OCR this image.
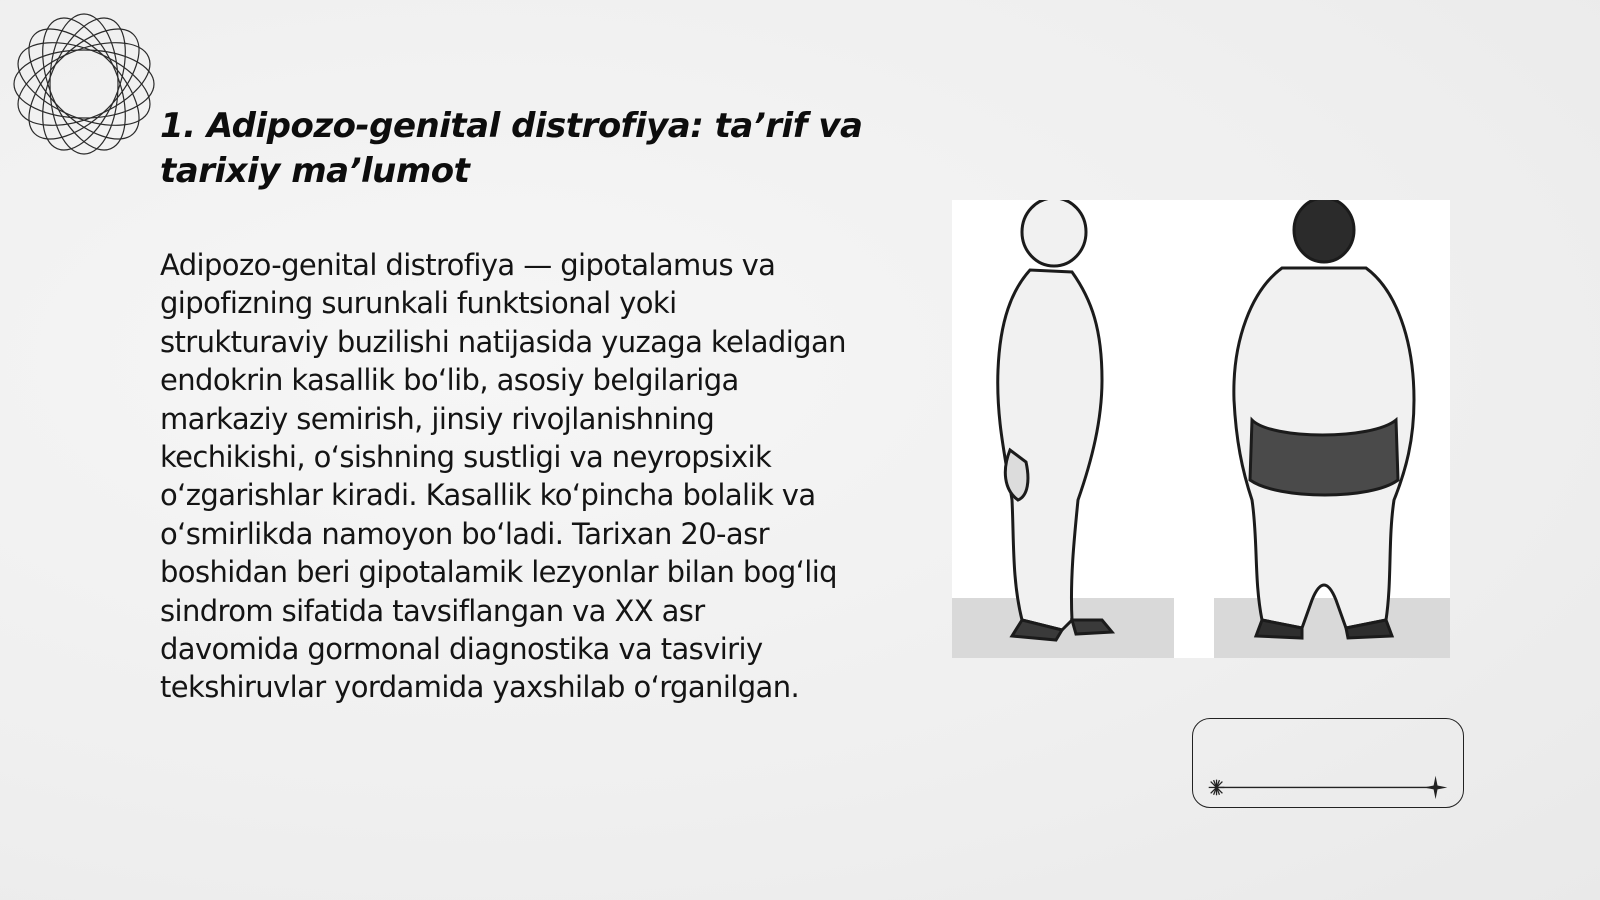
1. Adipozo-genital distrofiya: ta’rif va tarixiy ma’lumot

Adipozo-genital distrofiya — gipotalamus va gipofizning surunkali funktsional yoki strukturaviy buzilishi natijasida yuzaga keladigan endokrin kasallik bo‘lib, asosiy belgilariga markaziy semirish, jinsiy rivojlanishning kechikishi, o‘sishning sustligi va neyropsixik o‘zgarishlar kiradi. Kasallik ko‘pincha bolalik va o‘smirlikda namoyon bo‘ladi. Tarixan 20-asr boshidan beri gipotalamik lezyonlar bilan bog‘liq sindrom sifatida tavsiflangan va XX asr davomida gormonal diagnostika va tasviriy tekshiruvlar yordamida yaxshilab o‘rganilgan.
